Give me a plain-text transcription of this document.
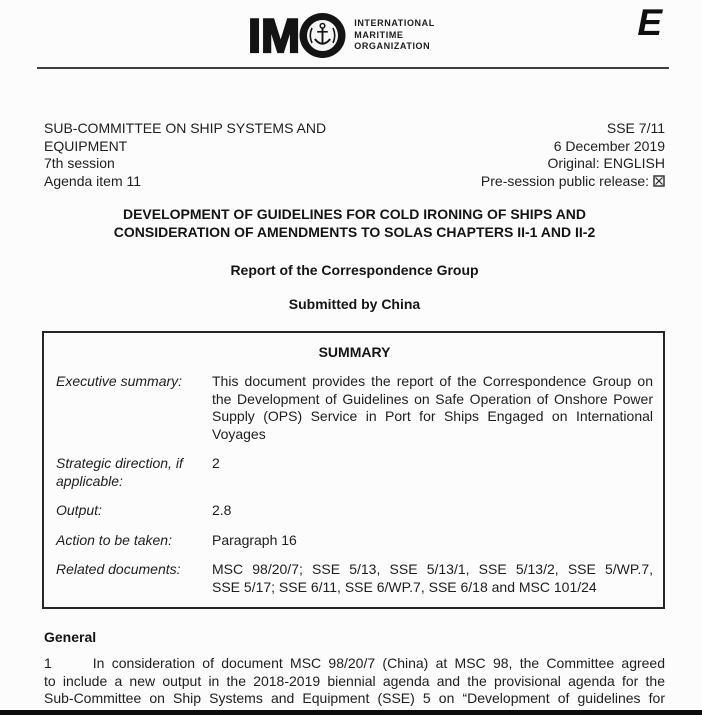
IM	INTERNATIONAL
MARITIME
ORGANIZATION
E
SUB-COMMITTEE ON SHIP SYSTEMS AND
EQUIPMENT
7th session
Agenda item 11
SSE 7/11
6 December 2019
Original: ENGLISH
Pre-session public release:
DEVELOPMENT OF GUIDELINES FOR COLD IRONING OF SHIPS AND
CONSIDERATION OF AMENDMENTS TO SOLAS CHAPTERS II-1 AND II-2
Report of the Correspondence Group
Submitted by China
SUMMARY
Executive summary:	This document provides the report of the Correspondence Group on
the Development of Guidelines on Safe Operation of Onshore Power
Supply (OPS) Service in Port for Ships Engaged on International
Voyages
Strategic direction, if applicable:
2
Output:	2.8
Action to be taken:	Paragraph 16
Related documents:	MSC 98/20/7; SSE 5/13, SSE 5/13/1, SSE 5/13/2, SSE 5/WP.7,
SSE 5/17; SSE 6/11, SSE 6/WP.7, SSE 6/18 and MSC 101/24
General
1	In consideration of document MSC 98/20/7 (China) at MSC 98, the Committee agreed
to include a new output in the 2018-2019 biennial agenda and the provisional agenda for the
Sub-Committee on Ship Systems and Equipment (SSE) 5 on “Development of guidelines for
